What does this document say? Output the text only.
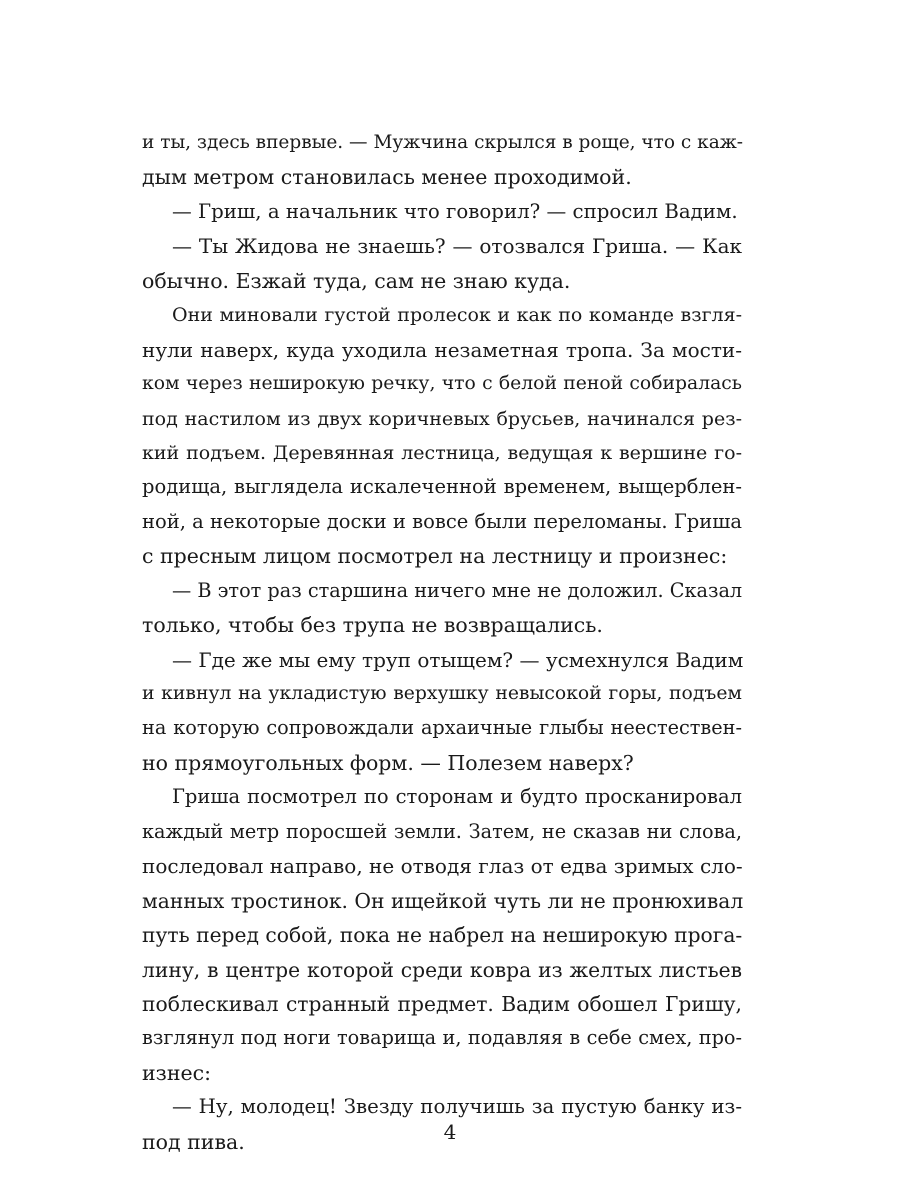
и ты, здесь впервые. — Мужчина скрылся в роще, что с каж-
дым метром становилась менее проходимой.
— Гриш, а начальник что говорил? — спросил Вадим.
— Ты Жидова не знаешь? — отозвался Гриша. — Как
обычно. Езжай туда, сам не знаю куда.
Они миновали густой пролесок и как по команде взгля-
нули наверх, куда уходила незаметная тропа. За мости-
ком через неширокую речку, что с белой пеной собиралась
под настилом из двух коричневых брусьев, начинался рез-
кий подъем. Деревянная лестница, ведущая к вершине го-
родища, выглядела искалеченной временем, выщерблен-
ной, а некоторые доски и вовсе были переломаны. Гриша
с пресным лицом посмотрел на лестницу и произнес:
— В этот раз старшина ничего мне не доложил. Сказал
только, чтобы без трупа не возвращались.
— Где же мы ему труп отыщем? — усмехнулся Вадим
и кивнул на укладистую верхушку невысокой горы, подъем
на которую сопровождали архаичные глыбы неестествен-
но прямоугольных форм. — Полезем наверх?
Гриша посмотрел по сторонам и будто просканировал
каждый метр поросшей земли. Затем, не сказав ни слова,
последовал направо, не отводя глаз от едва зримых сло-
манных тростинок. Он ищейкой чуть ли не пронюхивал
путь перед собой, пока не набрел на неширокую прога-
лину, в центре которой среди ковра из желтых листьев
поблескивал странный предмет. Вадим обошел Гришу,
взглянул под ноги товарища и, подавляя в себе смех, про-
изнес:
— Ну, молодец! Звезду получишь за пустую банку из-
под пива.	4
